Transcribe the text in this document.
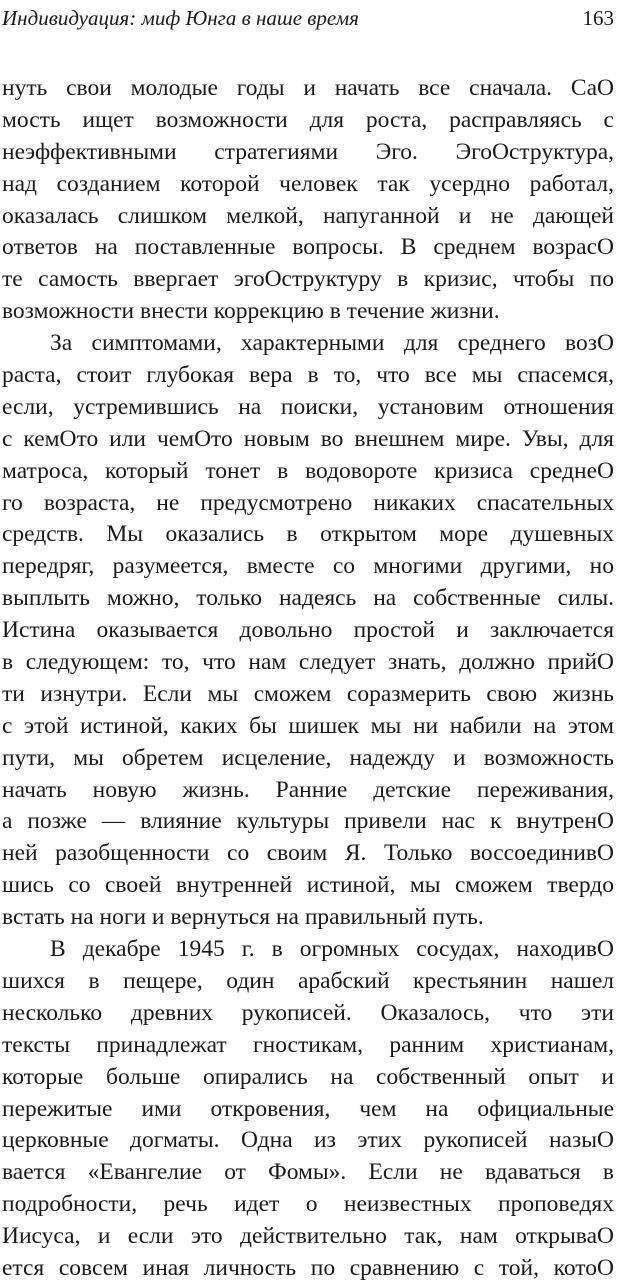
Индивидуация: миф Юнга в наше время	163
нуть свои молодые годы и начать все сначала. СаО
мость ищет возможности для роста, расправляясь с
неэффективными стратегиями Эго. ЭгоОструктура,
над созданием которой человек так усердно работал,
оказалась слишком мелкой, напуганной и не дающей
ответов на поставленные вопросы. В среднем возрасО
те самость ввергает эгоОструктуру в кризис, чтобы по
возможности внести коррекцию в течение жизни.
За симптомами, характерными для среднего возО
раста, стоит глубокая вера в то, что все мы спасемся,
если, устремившись на поиски, установим отношения
с кемОто или чемОто новым во внешнем мире. Увы, для
матроса, который тонет в водовороте кризиса среднеО
го возраста, не предусмотрено никаких спасательных
средств. Мы оказались в открытом море душевных
передряг, разумеется, вместе со многими другими, но
выплыть можно, только надеясь на собственные силы.
Истина оказывается довольно простой и заключается
в следующем: то, что нам следует знать, должно прийО
ти изнутри. Если мы сможем соразмерить свою жизнь
с этой истиной, каких бы шишек мы ни набили на этом
пути, мы обретем исцеление, надежду и возможность
начать новую жизнь. Ранние детские переживания,
а позже — влияние культуры привели нас к внутренО
ней разобщенности со своим Я. Только воссоединивО
шись со своей внутренней истиной, мы сможем твердо
встать на ноги и вернуться на правильный путь.
В декабре 1945 г. в огромных сосудах, находивО
шихся в пещере, один арабский крестьянин нашел
несколько древних рукописей. Оказалось, что эти
тексты принадлежат гностикам, ранним христианам,
которые больше опирались на собственный опыт и
пережитые ими откровения, чем на официальные
церковные догматы. Одна из этих рукописей назыО
вается «Евангелие от Фомы». Если не вдаваться в
подробности, речь идет о неизвестных проповедях
Иисуса, и если это действительно так, нам открываО
ется совсем иная личность по сравнению с той, котоО
